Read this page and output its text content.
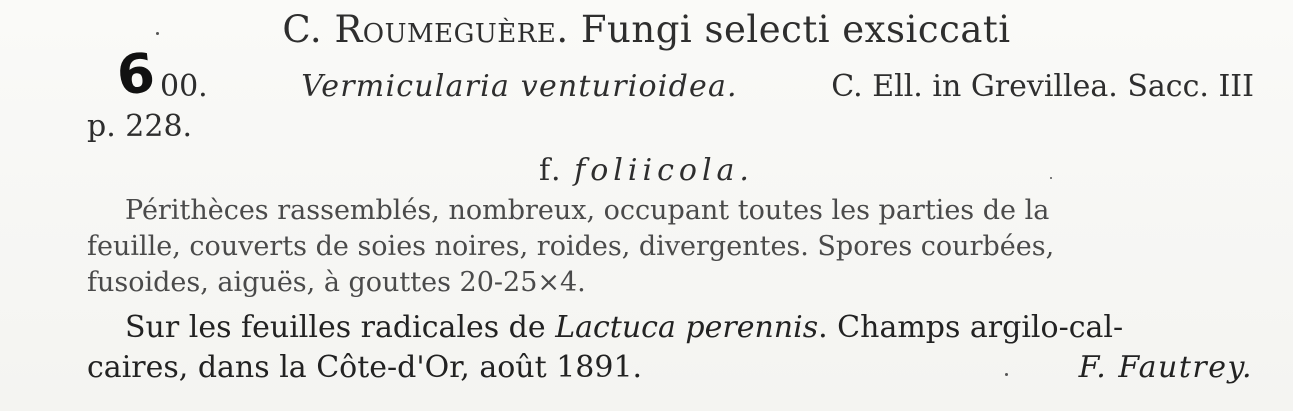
C. Roumeguère. Fungi selecti exsiccati
6 00.	Vermicularia venturioidea.	C. Ell. in Grevillea. Sacc. III
p. 228.
f. foliicola.
Périthèces rassemblés, nombreux, occupant toutes les parties de la
feuille, couverts de soies noires, roides, divergentes. Spores courbées,
fusoides, aiguës, à gouttes 20-25×4.
Sur les feuilles radicales de Lactuca perennis. Champs argilo-cal-
caires, dans la Côte-d'Or, août 1891.	F. Fautrey.
